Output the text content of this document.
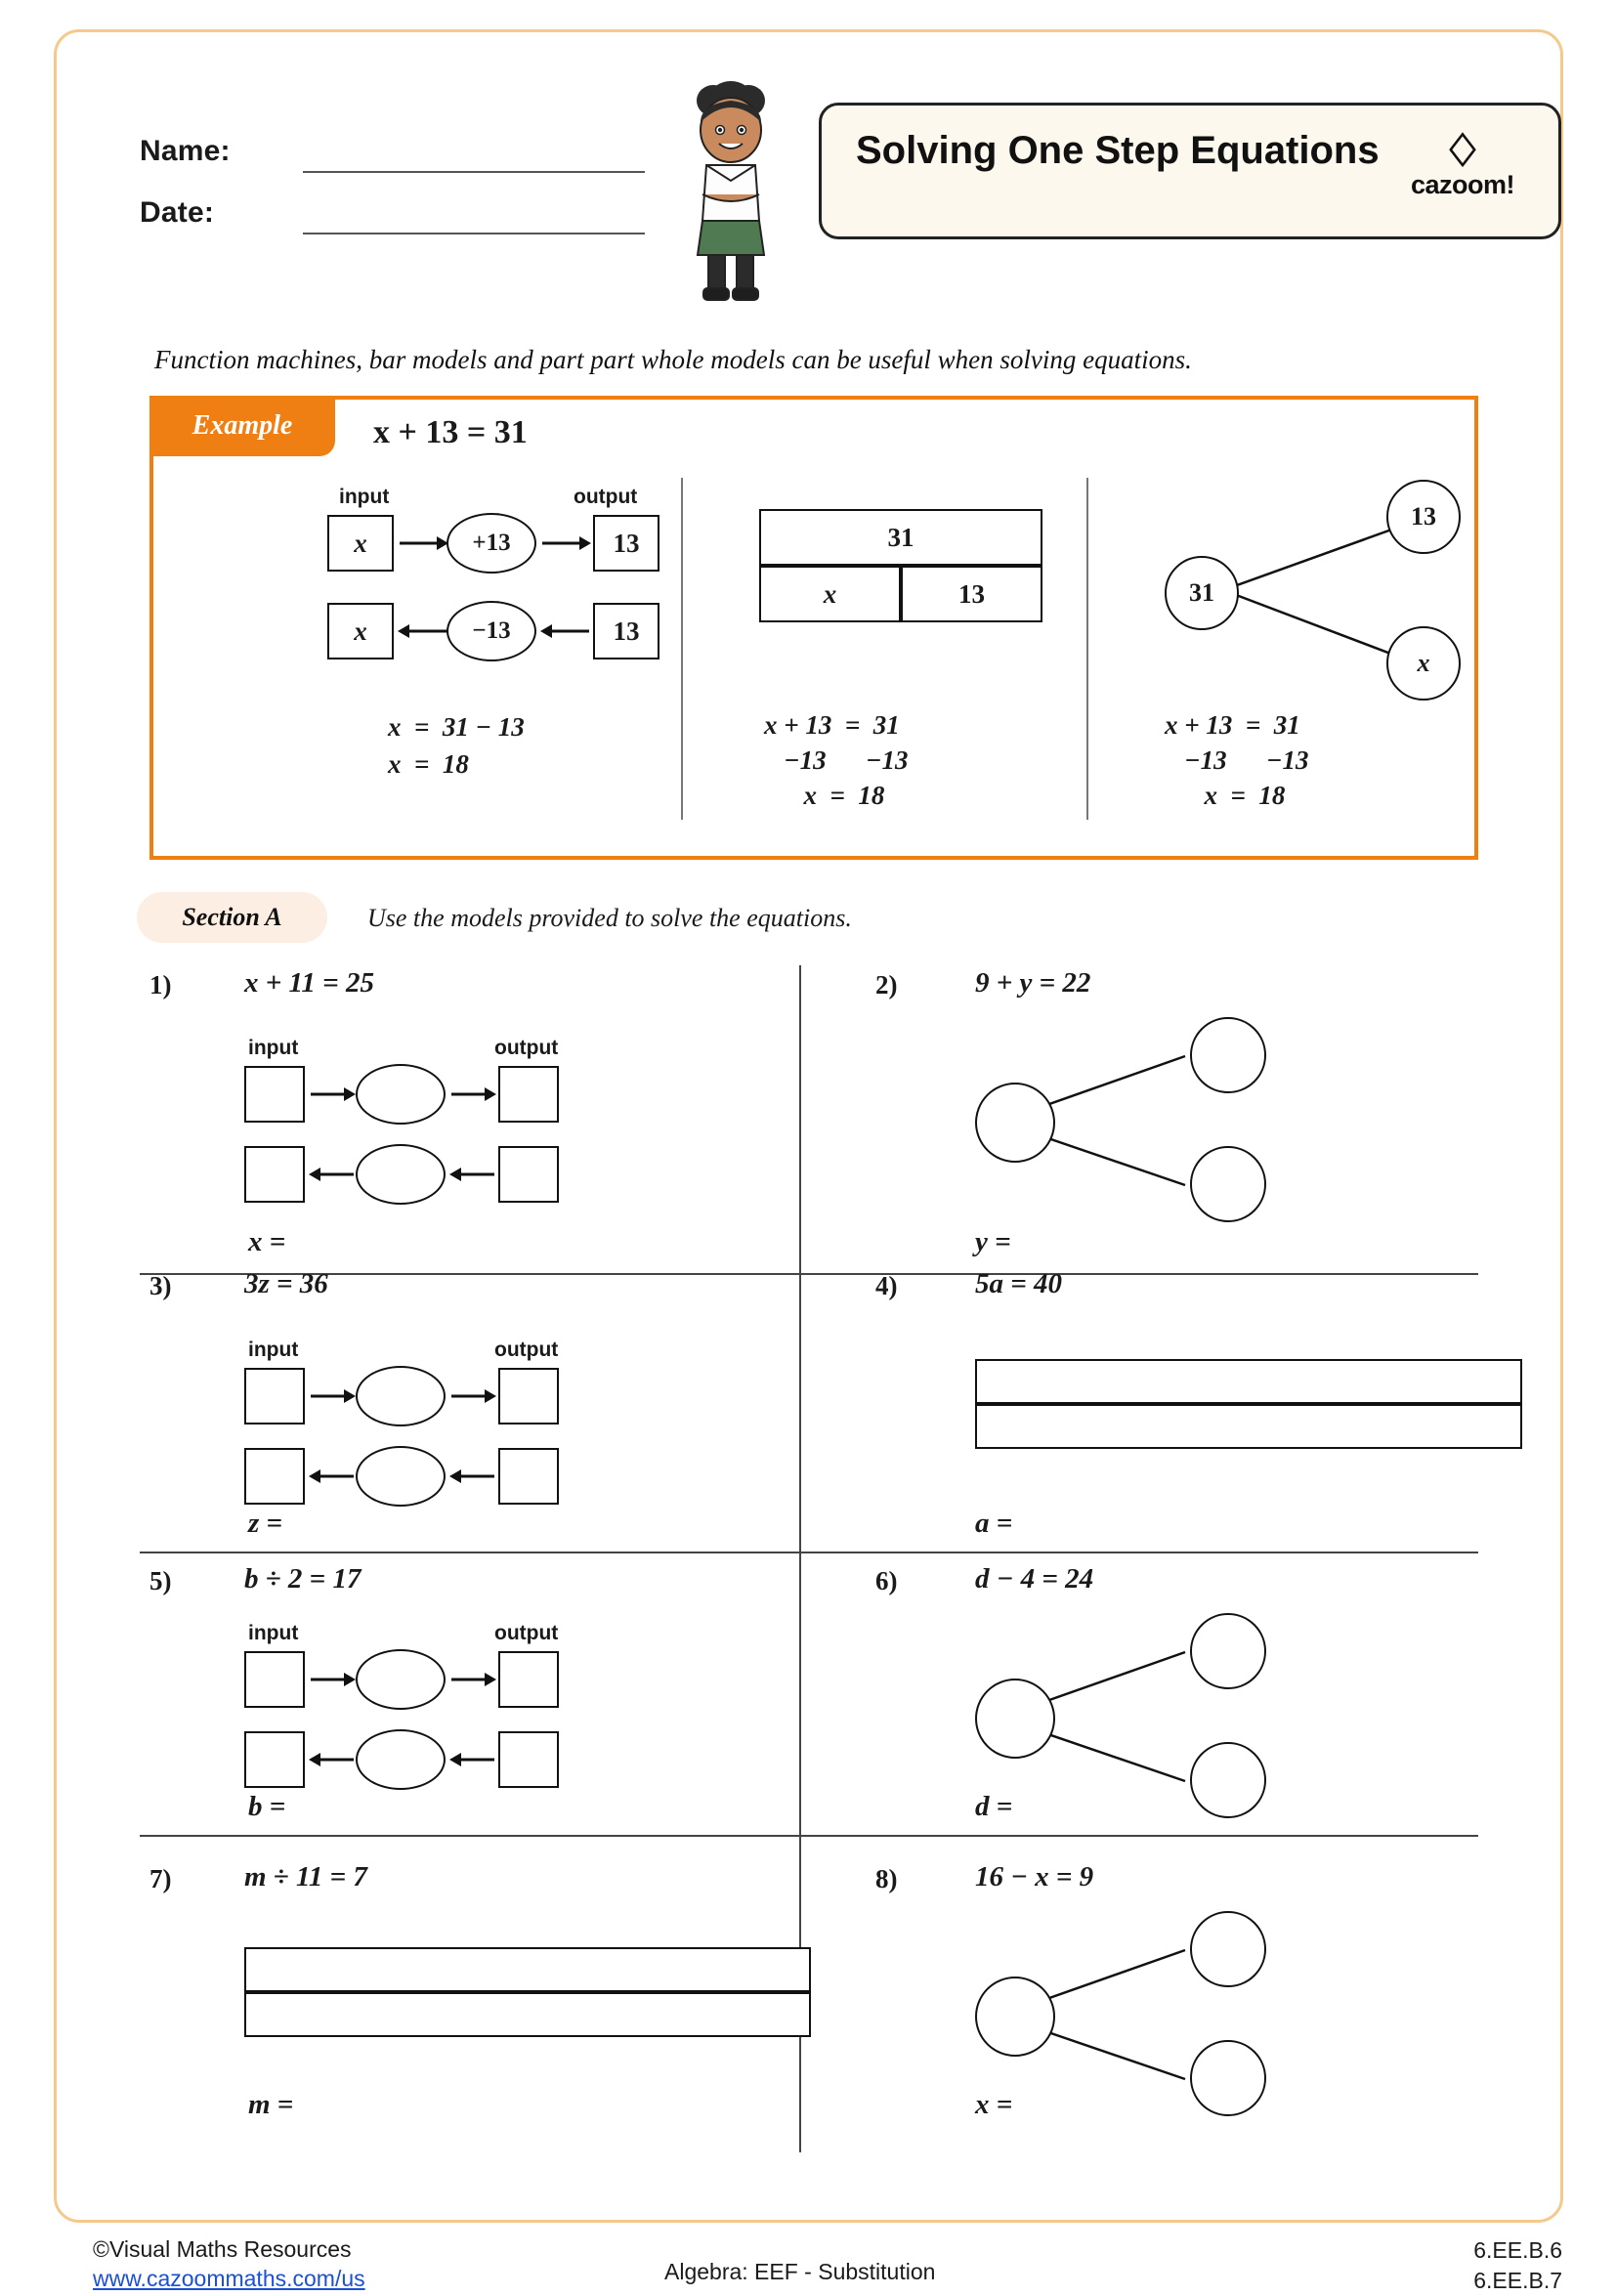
Name:
Date:
Solving One Step Equations	♢
cazoom!
Function machines, bar models and part part whole models can be useful when solving equations.
Example	x + 13 = 31
input	output
x	+13	13
x	−13	13
x  =  31 − 13
x  =  18
31
x	13
x + 13  =  31
−13      −13
x  =  18
31
13
x
x + 13  =  31
−13      −13
x  =  18
Section A	Use the models provided to solve the equations.
1)	x + 11 = 25
input	output
x =
2)	9 + y = 22
y =
3)	3z = 36
input	output
z =
4)	5a = 40
a =
5)	b ÷ 2 = 17
input	output
b =
6)	d − 4 = 24
d =
7)	m ÷ 11 = 7
m =
8)	16 − x = 9
x =
©Visual Maths Resources
www.cazoommaths.com/us	Algebra: EEF - Substitution
6.EE.B.6
6.EE.B.7
